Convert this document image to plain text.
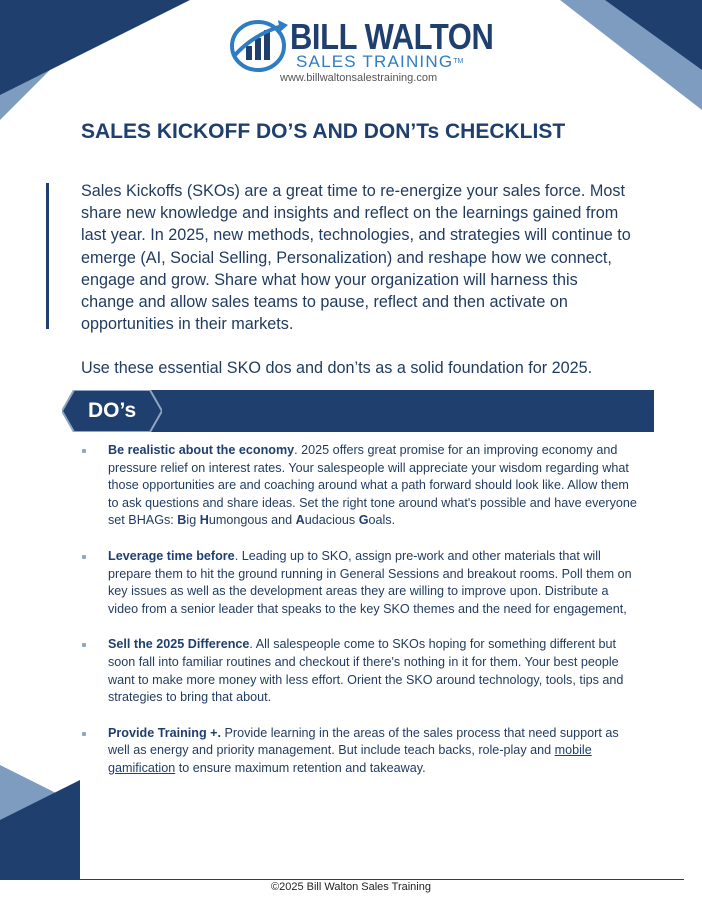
BILL WALTON
SALES TRAINING™
www.billwaltonsalestraining.com
SALES KICKOFF DO’S AND DON’Ts CHECKLIST

Sales Kickoffs (SKOs) are a great time to re-energize your sales force. Most share new knowledge and insights and reflect on the learnings gained from last year. In 2025, new methods, technologies, and strategies will continue to emerge (AI, Social Selling, Personalization) and reshape how we connect, engage and grow. Share what how your organization will harness this change and allow sales teams to pause, reflect and then activate on opportunities in their markets.

Use these essential SKO dos and don’ts as a solid foundation for 2025.

DO’s
Be realistic about the economy. 2025 offers great promise for an improving economy and pressure relief on interest rates. Your salespeople will appreciate your wisdom regarding what those opportunities are and coaching around what a path forward should look like. Allow them to ask questions and share ideas. Set the right tone around what's possible and have everyone set BHAGs: Big Humongous and Audacious Goals.
Leverage time before. Leading up to SKO, assign pre-work and other materials that will prepare them to hit the ground running in General Sessions and breakout rooms. Poll them on key issues as well as the development areas they are willing to improve upon. Distribute a video from a senior leader that speaks to the key SKO themes and the need for engagement,
Sell the 2025 Difference. All salespeople come to SKOs hoping for something different but soon fall into familiar routines and checkout if there's nothing in it for them. Your best people want to make more money with less effort. Orient the SKO around technology, tools, tips and strategies to bring that about.
Provide Training +. Provide learning in the areas of the sales process that need support as well as energy and priority management. But include teach backs, role-play and mobile gamification to ensure maximum retention and takeaway.
©2025 Bill Walton Sales Training
